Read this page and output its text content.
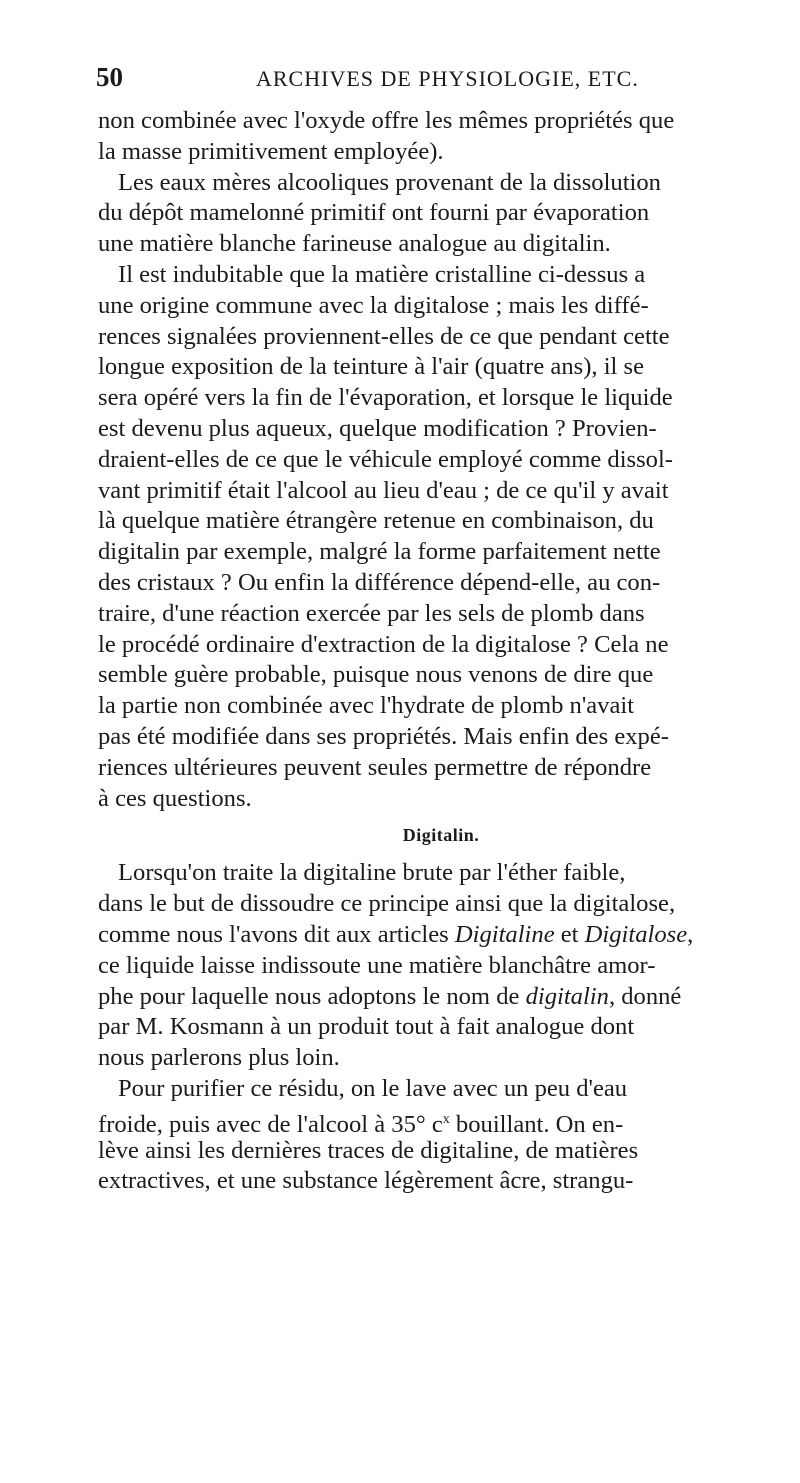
50	ARCHIVES DE PHYSIOLOGIE, ETC.
non combinée avec l'oxyde offre les mêmes propriétés que
la masse primitivement employée).
Les eaux mères alcooliques provenant de la dissolution
du dépôt mamelonné primitif ont fourni par évaporation
une matière blanche farineuse analogue au digitalin.
Il est indubitable que la matière cristalline ci-dessus a
une origine commune avec la digitalose ; mais les diffé-
rences signalées proviennent-elles de ce que pendant cette
longue exposition de la teinture à l'air (quatre ans), il se
sera opéré vers la fin de l'évaporation, et lorsque le liquide
est devenu plus aqueux, quelque modification ? Provien-
draient-elles de ce que le véhicule employé comme dissol-
vant primitif était l'alcool au lieu d'eau ; de ce qu'il y avait
là quelque matière étrangère retenue en combinaison, du
digitalin par exemple, malgré la forme parfaitement nette
des cristaux ? Ou enfin la différence dépend-elle, au con-
traire, d'une réaction exercée par les sels de plomb dans
le procédé ordinaire d'extraction de la digitalose ? Cela ne
semble guère probable, puisque nous venons de dire que
la partie non combinée avec l'hydrate de plomb n'avait
pas été modifiée dans ses propriétés. Mais enfin des expé-
riences ultérieures peuvent seules permettre de répondre
à ces questions.
Digitalin.
Lorsqu'on traite la digitaline brute par l'éther faible,
dans le but de dissoudre ce principe ainsi que la digitalose,
comme nous l'avons dit aux articles Digitaline et Digitalose,
ce liquide laisse indissoute une matière blanchâtre amor-
phe pour laquelle nous adoptons le nom de digitalin, donné
par M. Kosmann à un produit tout à fait analogue dont
nous parlerons plus loin.
Pour purifier ce résidu, on le lave avec un peu d'eau
froide, puis avec de l'alcool à 35° $c^x$ bouillant. On en-
lève ainsi les dernières traces de digitaline, de matières
extractives, et une substance légèrement âcre, strangu-
